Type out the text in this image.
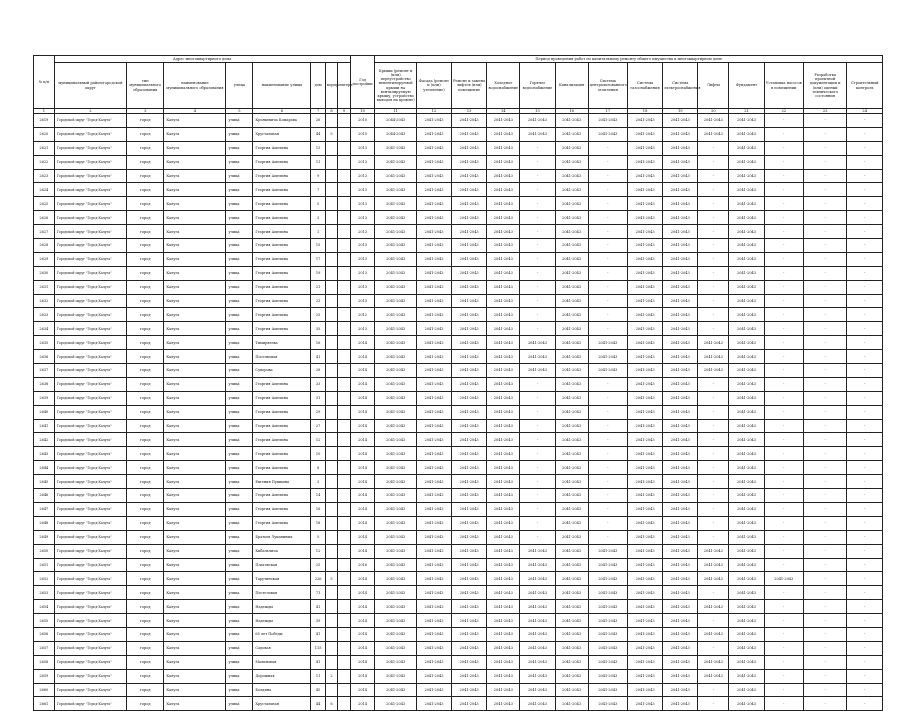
№ п/п	Адрес многоквартирного дома								Год постройки	Период проведения работ по капитальному ремонту общего имущества в многоквартирном доме													
	муниципальный район/городской округ	тип муниципального образования	наименование муниципального образования	улица	наименование улицы	дом	корпус	литера		Крыши (ремонт и (или) переустройство невентилируемой крыши на вентилируемую крышу, устройство выходов на кровлю)	Фасада (ремонт и (или) утепление)	Ремонт и замена лифтов (или) помещение	Холодное водоснабжение	Горячее водоснабжение	Канализация	Система централизованного отопления	Система газоснабжения	Система электроснабжения	Лифты	Фундамент	Установка насосов в помещении	Разработка проектной документации и (или) оценки технического состояния	Строительный контроль
1	2	3	4	5	6	7	8	9	10	11	12	13	14	15	16	17	18	19	20	21	22	23	24
2619	Городской округ "Город Калуга"	город	Калуга	улица	Кронкевича Комарова	26			2010	2044-2043	2041-2043	2041-2043	2041-2043	2041-2043	2041-2043	2041-2043	2041-2043	2041-2043	2041-2043	2041-2043	-	-	-
2620	Городской округ "Город Калуга"	город	Калуга	улица	Хрустальная	44	5		2015	2044-2043	2041-2043	2041-2043	2041-2043	2041-2043	2041-2043	2041-2043	2041-2043	2041-2043	2041-2043	2041-2043	-	-	-
2621	Городской округ "Город Калуга"	город	Калуга	улица	Георгия Амелина	13			2013	2041-2043	2041-2043	2041-2043	2041-2043	-	2041-2043	-	2041-2043	2041-2043	-	2041-2043	-	-	-
2622	Городской округ "Город Калуга"	город	Калуга	улица	Георгия Амелина	11			2013	2041-2043	2041-2043	2041-2043	2041-2043	-	2041-2043	-	2041-2043	2041-2043	-	2041-2043	-	-	-
2623	Городской округ "Город Калуга"	город	Калуга	улица	Георгия Амелина	9			2013	2041-2043	2041-2043	2041-2043	2041-2043	-	2041-2043	-	2041-2043	2041-2043	-	2041-2043	-	-	-
2624	Городской округ "Город Калуга"	город	Калуга	улица	Георгия Амелина	7			2013	2041-2043	2041-2043	2041-2043	2041-2043	-	2041-2043	-	2041-2043	2041-2043	-	2041-2043	-	-	-
2625	Городской округ "Город Калуга"	город	Калуга	улица	Георгия Амелина	5			2013	2041-2043	2041-2043	2041-2043	2041-2043	-	2041-2043	-	2041-2043	2041-2043	-	2041-2043	-	-	-
2626	Городской округ "Город Калуга"	город	Калуга	улица	Георгия Амелина	3			2013	2041-2043	2041-2043	2041-2043	2041-2043	-	2041-2043	-	2041-2043	2041-2043	-	2041-2043	-	-	-
2627	Городской округ "Город Калуга"	город	Калуга	улица	Георгия Амелина	1			2013	2041-2043	2041-2043	2041-2043	2041-2043	-	2041-2043	-	2041-2043	2041-2043	-	2041-2043	-	-	-
2628	Городской округ "Город Калуга"	город	Калуга	улица	Георгия Амелина	15			2013	2041-2043	2041-2043	2041-2043	2041-2043	-	2041-2043	-	2041-2043	2041-2043	-	2041-2043	-	-	-
2629	Городской округ "Город Калуга"	город	Калуга	улица	Георгия Амелина	17			2013	2041-2043	2041-2043	2041-2043	2041-2043	-	2041-2043	-	2041-2043	2041-2043	-	2041-2043	-	-	-
2630	Городской округ "Город Калуга"	город	Калуга	улица	Георгия Амелина	19			2013	2041-2043	2041-2043	2041-2043	2041-2043	-	2041-2043	-	2041-2043	2041-2043	-	2041-2043	-	-	-
2631	Городской округ "Город Калуга"	город	Калуга	улица	Георгия Амелина	21			2013	2041-2043	2041-2043	2041-2043	2041-2043	-	2041-2043	-	2041-2043	2041-2043	-	2041-2043	-	-	-
2632	Городской округ "Город Калуга"	город	Калуга	улица	Георгия Амелина	23			2013	2041-2043	2041-2043	2041-2043	2041-2043	-	2041-2043	-	2041-2043	2041-2043	-	2041-2043	-	-	-
2633	Городской округ "Город Калуга"	город	Калуга	улица	Георгия Амелина	25			2012	2041-2043	2041-2043	2041-2043	2041-2043	-	2041-2043	-	2041-2043	2041-2043	-	2041-2043	-	-	-
2634	Городской округ "Город Калуга"	город	Калуга	улица	Георгия Амелина	35			2013	2041-2043	2041-2043	2041-2043	2041-2043	-	2041-2043	-	2041-2043	2041-2043	-	2041-2043	-	-	-
2635	Городской округ "Город Калуга"	город	Калуга	улица	Тимирязева	16			2014	2041-2043	2041-2043	2041-2043	2041-2043	2041-2043	2041-2043	2041-2043	2041-2043	2041-2043	2041-2043	2041-2043	-	-	-
2636	Городской округ "Город Калуга"	город	Калуга	улица	Поселковая	41			2014	2041-2043	2041-2043	2041-2043	2041-2043	2041-2043	2041-2043	2041-2043	2041-2043	2041-2043	2041-2043	2041-2043	-	-	-
2637	Городской округ "Город Калуга"	город	Калуга	улица	Суворова	28			2014	2041-2043	2041-2043	2041-2043	2041-2043	2041-2043	2041-2043	2041-2043	2041-2043	2041-2043	2041-2043	2041-2043	-	-	-
2638	Городской округ "Город Калуга"	город	Калуга	улица	Георгия Амелина	33			2014	2041-2043	2041-2043	2041-2043	2041-2043	-	2041-2043	-	2041-2043	2041-2043	-	2041-2043	-	-	-
2639	Городской округ "Город Калуга"	город	Калуга	улица	Георгия Амелина	31			2014	2041-2043	2041-2043	2041-2043	2041-2043	-	2041-2043	-	2041-2043	2041-2043	-	2041-2043	-	-	-
2640	Городской округ "Город Калуга"	город	Калуга	улица	Георгия Амелина	29			2014	2041-2043	2041-2043	2041-2043	2041-2043	-	2041-2043	-	2041-2043	2041-2043	-	2041-2043	-	-	-
2641	Городской округ "Город Калуга"	город	Калуга	улица	Георгия Амелина	27			2014	2041-2043	2041-2043	2041-2043	2041-2043	-	2041-2043	-	2041-2043	2041-2043	-	2041-2043	-	-	-
2642	Городской округ "Город Калуга"	город	Калуга	улица	Георгия Амелина	12			2014	2041-2043	2041-2043	2041-2043	2041-2043	-	2041-2043	-	2041-2043	2041-2043	-	2041-2043	-	-	-
2643	Городской округ "Город Калуга"	город	Калуга	улица	Георгия Амелина	10			2014	2041-2043	2041-2043	2041-2043	2041-2043	-	2041-2043	-	2041-2043	2041-2043	-	2041-2043	-	-	-
2644	Городской округ "Город Калуга"	город	Калуга	улица	Георгия Амелина	8			2014	2041-2043	2041-2043	2041-2043	2041-2043	-	2041-2043	-	2041-2043	2041-2043	-	2041-2043	-	-	-
2645	Городской округ "Город Калуга"	город	Калуга	улица	Евгения Пушкина	3			2014	2041-2043	2041-2043	2041-2043	2041-2043	-	2041-2043	-	2041-2043	2041-2043	-	2041-2043	-	-	-
2646	Городской округ "Город Калуга"	город	Калуга	улица	Георгия Амелина	14			2014	2041-2043	2041-2043	2041-2043	2041-2043	-	2041-2043	-	2041-2043	2041-2043	-	2041-2043	-	-	-
2647	Городской округ "Город Калуга"	город	Калуга	улица	Георгия Амелина	16			2014	2041-2043	2041-2043	2041-2043	2041-2043	-	2041-2043	-	2041-2043	2041-2043	-	2041-2043	-	-	-
2648	Городской округ "Город Калуга"	город	Калуга	улица	Георгия Амелина	18			2014	2041-2043	2041-2043	2041-2043	2041-2043	-	2041-2043	-	2041-2043	2041-2043	-	2041-2043	-	-	-
2649	Городской округ "Город Калуга"	город	Калуга	улица	Братьев Луканиных	5			2014	2041-2043	2041-2043	2041-2043	2041-2043	-	2041-2043	-	2041-2043	2041-2043	-	2041-2043	-	-	-
2650	Городской округ "Город Калуга"	город	Калуга	улица	Кибальчича	12			2014	2041-2043	2041-2043	2041-2043	2041-2043	2041-2043	2041-2043	2041-2043	2041-2043	2041-2043	2041-2043	2041-2043	-	-	-
2651	Городской округ "Город Калуга"	город	Калуга	улица	Платовская	25			2016	2041-2043	2041-2043	2041-2043	2041-2043	2041-2043	2041-2043	2041-2043	2041-2043	2041-2043	2041-2043	2041-2043	-	-	-
2652	Городской округ "Город Калуга"	город	Калуга	улица	Тарутинская	226	5		2014	2041-2043	2041-2043	2041-2043	2041-2043	2041-2043	2041-2043	2041-2043	2041-2043	2041-2043	2041-2043	2041-2043	2041-2043	-	-
2653	Городской округ "Город Калуга"	город	Калуга	улица	Пестеловая	71			2014	2041-2043	2041-2043	2041-2043	2041-2043	2041-2043	2041-2043	2041-2043	2041-2043	2041-2043	-	2041-2043	-	-	-
2654	Городской округ "Город Калуга"	город	Калуга	улица	Надежды	41			2014	2041-2043	2041-2043	2041-2043	2041-2043	2041-2043	2041-2043	2041-2043	2041-2043	2041-2043	2041-2043	2041-2043	-	-	-
2655	Городской округ "Город Калуга"	город	Калуга	улица	Надежды	39			2014	2041-2043	2041-2043	2041-2043	2041-2043	2041-2043	2041-2043	2041-2043	2041-2043	2041-2043	-	2041-2043	-	-	-
2656	Городской округ "Город Калуга"	город	Калуга	улица	65 лет Победы	41			2014	2041-2043	2041-2043	2041-2043	2041-2043	2041-2043	2041-2043	2041-2043	2041-2043	2041-2043	2041-2043	2041-2043	-	-	-
2657	Городской округ "Город Калуга"	город	Калуга	улица	Садовая	115			2014	2041-2043	2041-2043	2041-2043	2041-2043	2041-2043	2041-2043	2041-2043	2041-2043	2041-2043	-	2041-2043	-	-	-
2658	Городской округ "Город Калуга"	город	Калуга	улица	Малиновая	41			2014	2041-2043	2041-2043	2041-2043	2041-2043	2041-2043	2041-2043	2041-2043	2041-2043	2041-2043	2041-2043	2041-2043	-	-	-
2659	Городской округ "Город Калуга"	город	Калуга	улица	Дорожная	11	2		2014	2041-2043	2041-2043	2041-2043	2041-2043	2041-2043	2041-2043	2041-2043	2041-2043	2041-2043	2041-2043	2041-2043	-	-	-
2660	Городской округ "Город Калуга"	город	Калуга	улица	Болдина	45			2014	2041-2043	2041-2043	2041-2043	2041-2043	2041-2043	2041-2043	2041-2043	2041-2043	2041-2043	-	2041-2043	-	-	-
2661	Городской округ "Город Калуга"	город	Калуга	улица	Хрустальная	44	6		2014	2041-2043	2041-2043	2041-2043	2041-2043	2041-2043	2041-2043	2041-2043	2041-2043	2041-2043	-	2041-2043	-	-	-
